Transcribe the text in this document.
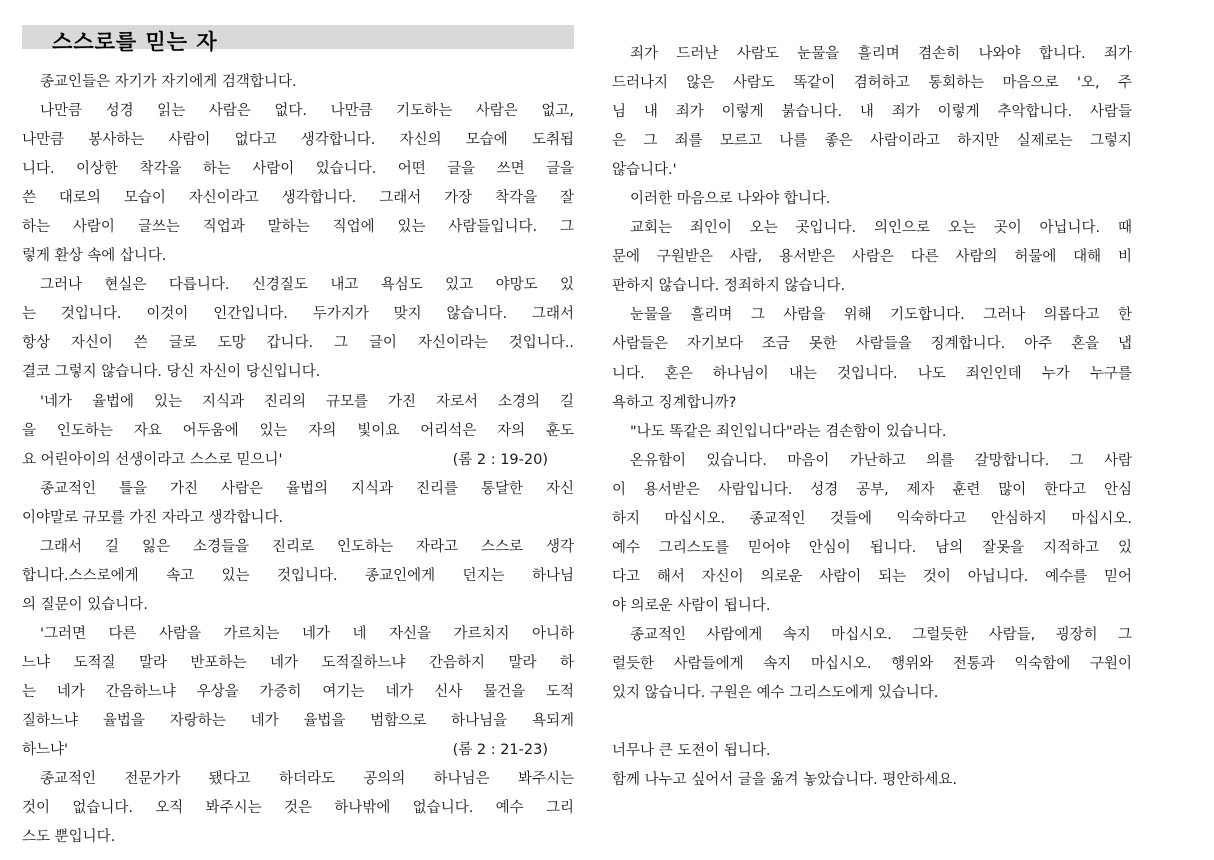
스스로를 믿는 자
종교인들은 자기가 자기에게 검객합니다.
나만큼 성경 읽는 사람은 없다. 나만큼 기도하는 사람은 없고,
나만큼 봉사하는 사람이 없다고 생각합니다. 자신의 모습에 도취됩
니다. 이상한 착각을 하는 사람이 있습니다. 어떤 글을 쓰면 글을
쓴 대로의 모습이 자신이라고 생각합니다. 그래서 가장 착각을 잘
하는 사람이 글쓰는 직업과 말하는 직업에 있는 사람들입니다. 그
렇게 환상 속에 삽니다.
그러나 현실은 다릅니다. 신경질도 내고 욕심도 있고 야망도 있
는 것입니다. 이것이 인간입니다. 두가지가 맞지 않습니다. 그래서
항상 자신이 쓴 글로 도망 갑니다. 그 글이 자신이라는 것입니다..
결코 그렇지 않습니다. 당신 자신이 당신입니다.
'네가 율법에 있는 지식과 진리의 규모를 가진 자로서 소경의 길
을 인도하는 자요 어두움에 있는 자의 빛이요 어리석은 자의 훈도
요 어린아이의 선생이라고 스스로 믿으니'	(롬 2 : 19-20)
종교적인 틀을 가진 사람은 율법의 지식과 진리를 통달한 자신
이야말로 규모를 가진 자라고 생각합니다.
그래서 길 잃은 소경들을 진리로 인도하는 자라고 스스로 생각
합니다.스스로에게 속고 있는 것입니다. 종교인에게 던지는 하나님
의 질문이 있습니다.
'그러면 다른 사람을 가르치는 네가 네 자신을 가르치지 아니하
느냐 도적질 말라 반포하는 네가 도적질하느냐 간음하지 말라 하
는 네가 간음하느냐 우상을 가증히 여기는 네가 신사 물건을 도적
질하느냐 율법을 자랑하는 네가 율법을 범함으로 하나님을 욕되게
하느냐'	(롬 2 : 21-23)
종교적인 전문가가 됐다고 하더라도 공의의 하나님은 봐주시는
것이 없습니다. 오직 봐주시는 것은 하나밖에 없습니다. 예수 그리
스도 뿐입니다.
죄가 드러난 사람도 눈물을 흘리며 겸손히 나와야 합니다. 죄가
드러나지 않은 사람도 똑같이 겸허하고 통회하는 마음으로 '오, 주
님 내 죄가 이렇게 붉습니다. 내 죄가 이렇게 추악합니다. 사람들
은 그 죄를 모르고 나를 좋은 사람이라고 하지만 실제로는 그렇지
않습니다.'
이러한 마음으로 나와야 합니다.
교회는 죄인이 오는 곳입니다. 의인으로 오는 곳이 아닙니다. 때
문에 구원받은 사람, 용서받은 사람은 다른 사람의 허물에 대해 비
판하지 않습니다. 정죄하지 않습니다.
눈물을 흘리며 그 사람을 위해 기도합니다. 그러나 의롭다고 한
사람들은 자기보다 조금 못한 사람들을 징계합니다. 아주 혼을 냅
니다. 혼은 하나님이 내는 것입니다. 나도 죄인인데 누가 누구를
욕하고 징계합니까?
"나도 똑같은 죄인입니다"라는 겸손함이 있습니다.
온유함이 있습니다. 마음이 가난하고 의를 갈망합니다. 그 사람
이 용서받은 사람입니다. 성경 공부, 제자 훈련 많이 한다고 안심
하지 마십시오. 종교적인 것들에 익숙하다고 안심하지 마십시오.
예수 그리스도를 믿어야 안심이 됩니다. 남의 잘못을 지적하고 있
다고 해서 자신이 의로운 사람이 되는 것이 아닙니다. 예수를 믿어
야 의로운 사람이 됩니다.
종교적인 사람에게 속지 마십시오. 그럴듯한 사람들, 굉장히 그
럴듯한 사람들에게 속지 마십시오. 행위와 전통과 익숙함에 구원이
있지 않습니다. 구원은 예수 그리스도에게 있습니다.
너무나 큰 도전이 됩니다.
함께 나누고 싶어서 글을 옮겨 놓았습니다. 평안하세요.
